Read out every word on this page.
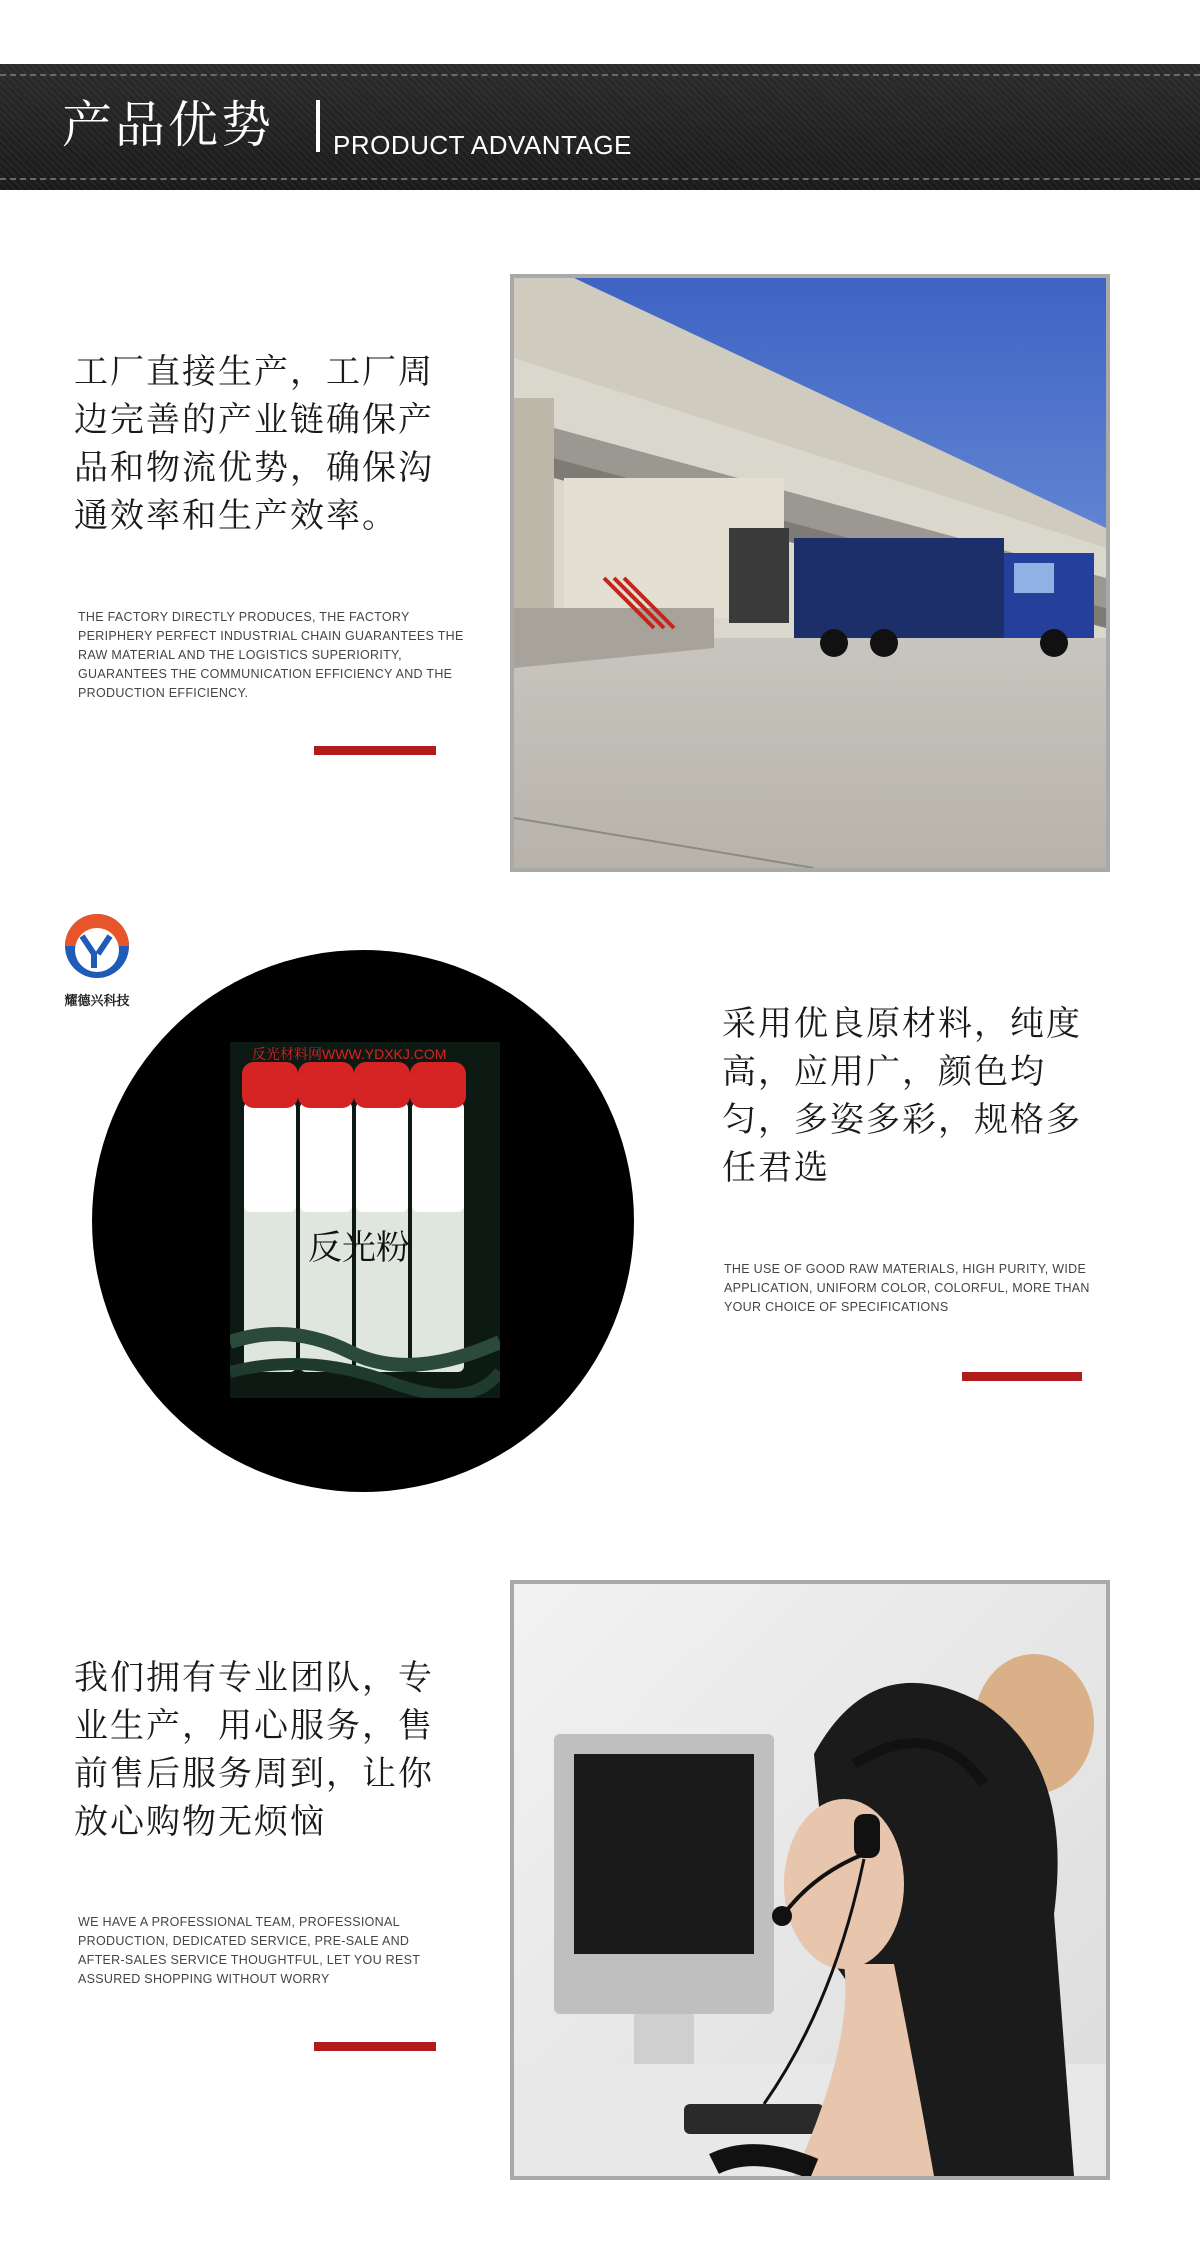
产品优势 PRODUCT ADVANTAGE
工厂直接生产，工厂周边完善的产业链确保产品和物流优势，确保沟通效率和生产效率。
THE FACTORY DIRECTLY PRODUCES, THE FACTORY PERIPHERY PERFECT INDUSTRIAL CHAIN GUARANTEES THE RAW MATERIAL AND THE LOGISTICS SUPERIORITY, GUARANTEES THE COMMUNICATION EFFICIENCY AND THE PRODUCTION EFFICIENCY.
耀德兴科技
反光材料网WWW.YDXKJ.COM
反光粉
采用优良原材料，纯度高，应用广，颜色均匀，多姿多彩，规格多任君选
THE USE OF GOOD RAW MATERIALS, HIGH PURITY, WIDE APPLICATION, UNIFORM COLOR, COLORFUL, MORE THAN YOUR CHOICE OF SPECIFICATIONS
我们拥有专业团队，专业生产，用心服务，售前售后服务周到，让你放心购物无烦恼
WE HAVE A PROFESSIONAL TEAM, PROFESSIONAL PRODUCTION, DEDICATED SERVICE, PRE-SALE AND AFTER-SALES SERVICE THOUGHTFUL, LET YOU REST ASSURED SHOPPING WITHOUT WORRY
